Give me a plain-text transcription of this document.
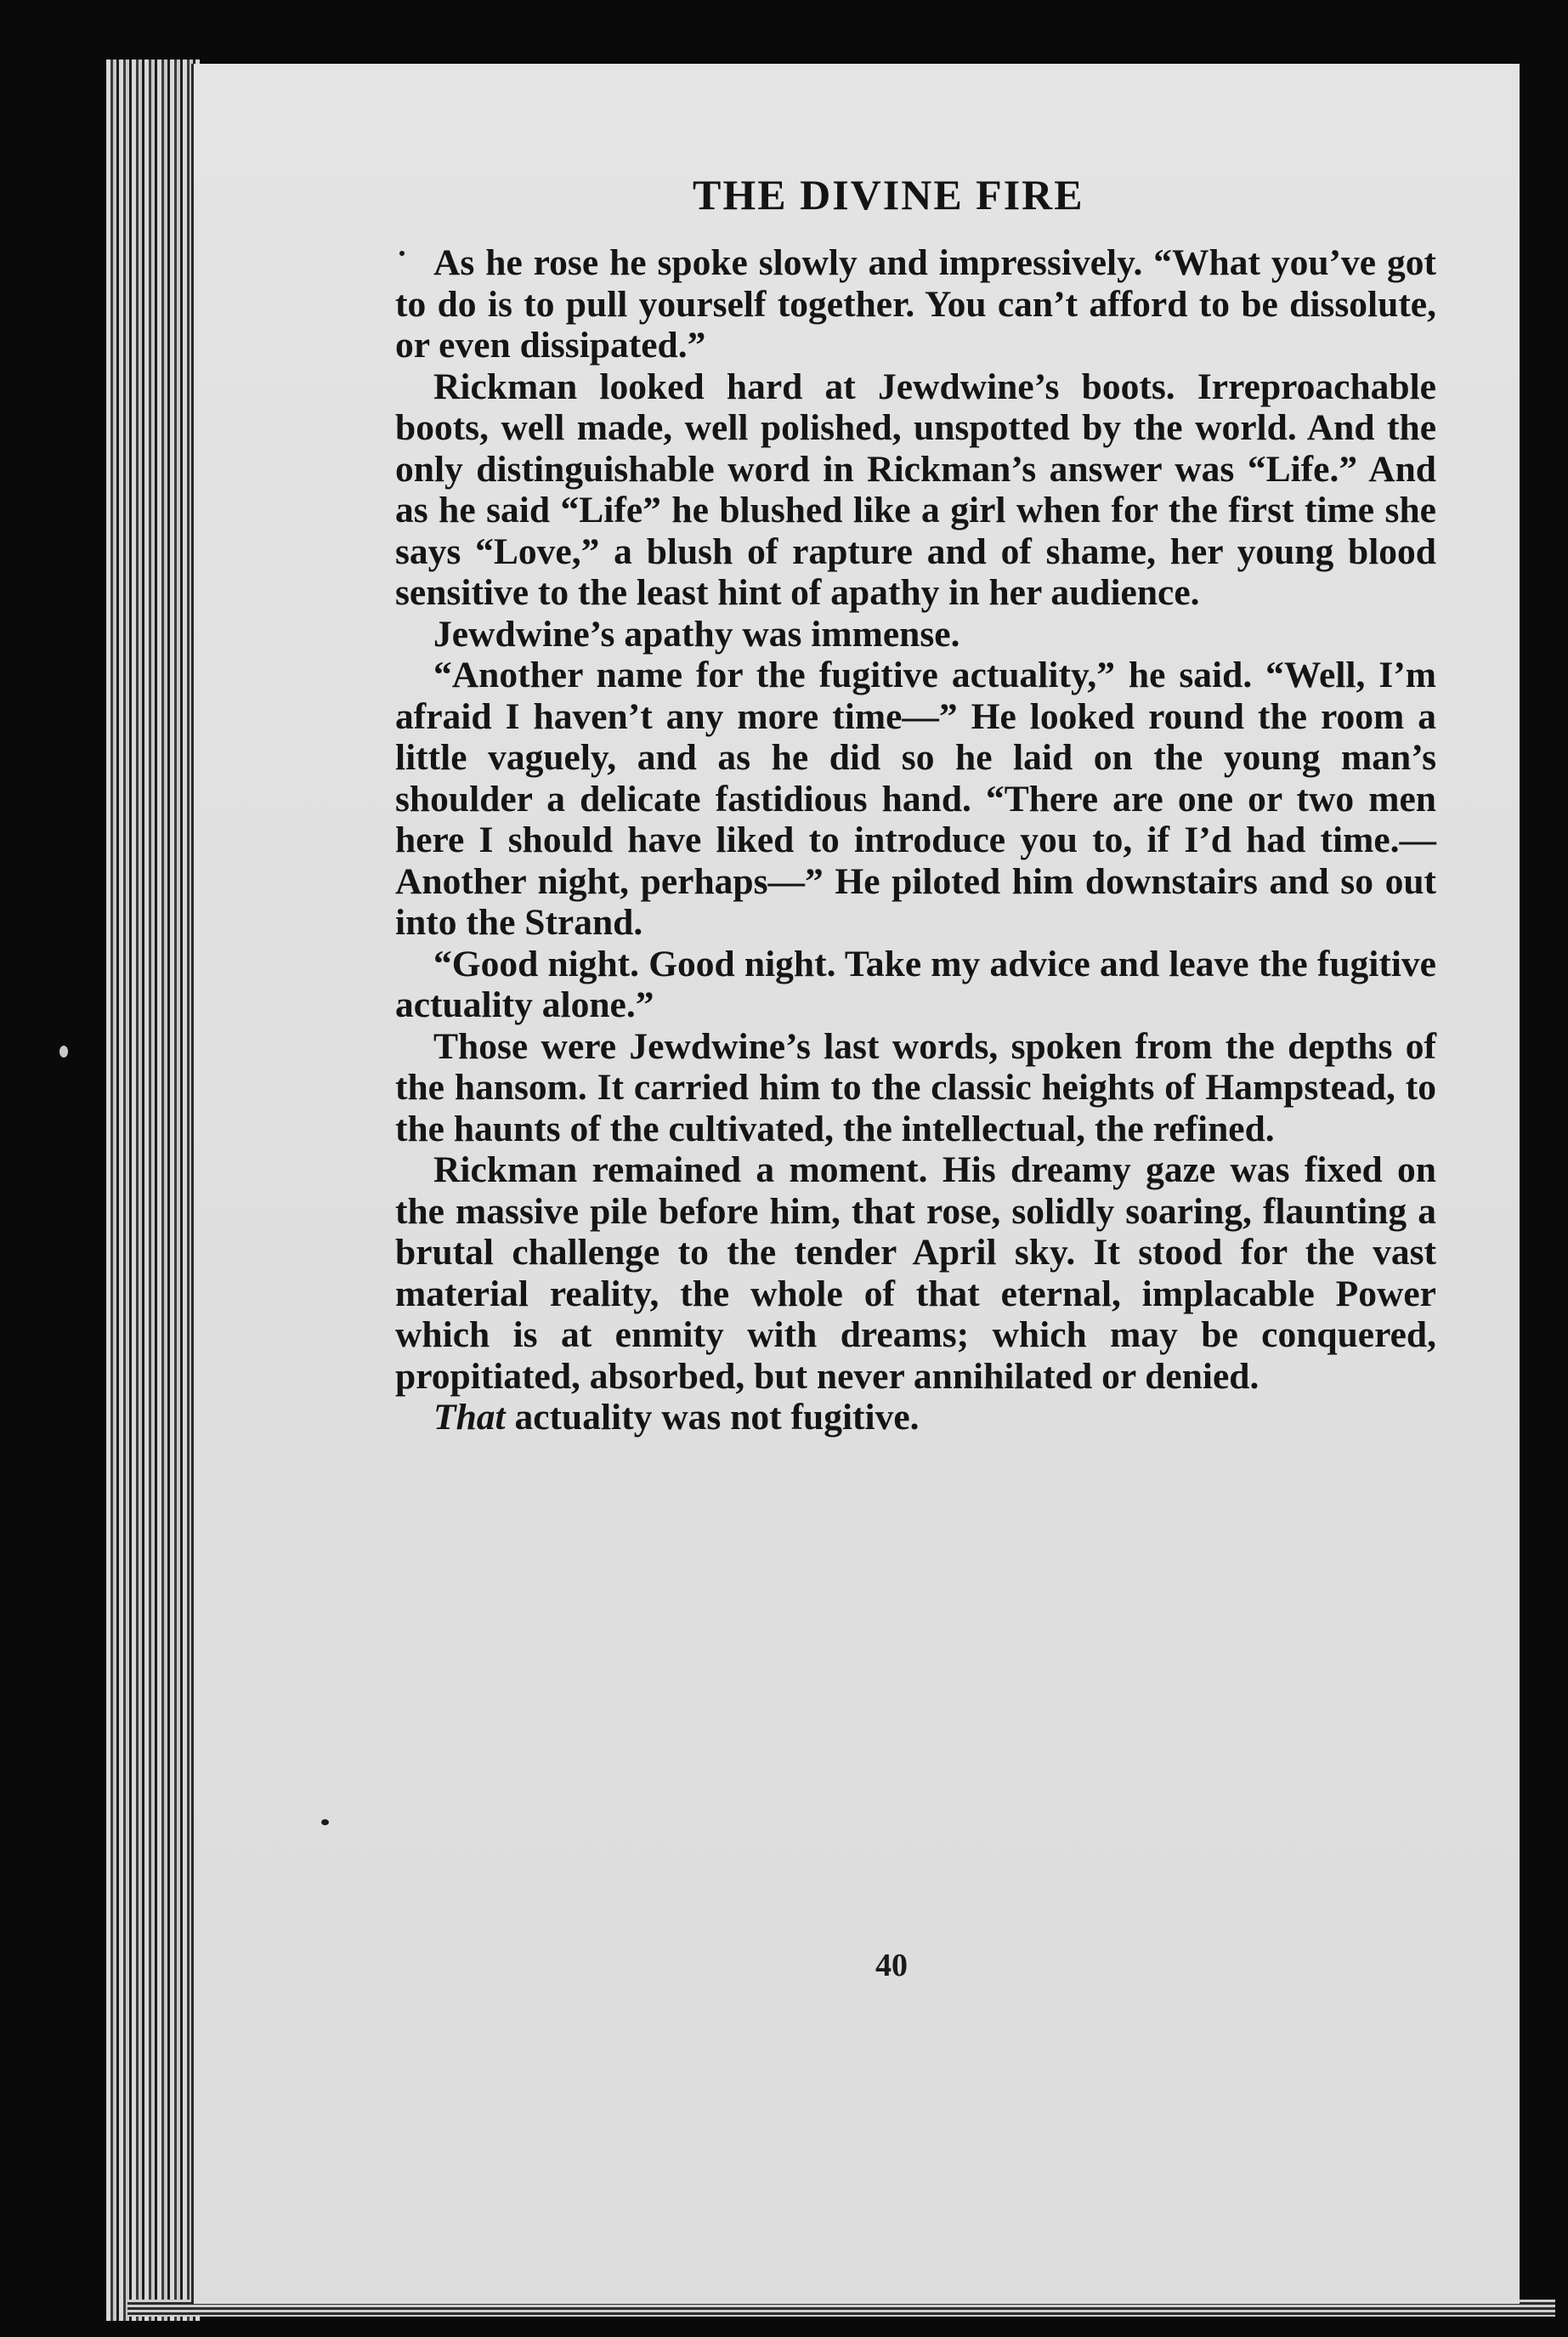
THE DIVINE FIRE

As he rose he spoke slowly and impressively. “What you’ve got to do is to pull yourself together. You can’t afford to be dissolute, or even dissipated.”

Rickman looked hard at Jewdwine’s boots. Irreproachable boots, well made, well polished, unspotted by the world. And the only distinguishable word in Rickman’s answer was “Life.” And as he said “Life” he blushed like a girl when for the first time she says “Love,” a blush of rapture and of shame, her young blood sensitive to the least hint of apathy in her audience.

Jewdwine’s apathy was immense.

“Another name for the fugitive actuality,” he said. “Well, I’m afraid I haven’t any more time—” He looked round the room a little vaguely, and as he did so he laid on the young man’s shoulder a delicate fastidious hand. “There are one or two men here I should have liked to introduce you to, if I’d had time.—Another night, perhaps—” He piloted him downstairs and so out into the Strand.

“Good night. Good night. Take my advice and leave the fugitive actuality alone.”

Those were Jewdwine’s last words, spoken from the depths of the hansom. It carried him to the classic heights of Hampstead, to the haunts of the cultivated, the intellectual, the refined.

Rickman remained a moment. His dreamy gaze was fixed on the massive pile before him, that rose, solidly soaring, flaunting a brutal challenge to the tender April sky. It stood for the vast material reality, the whole of that eternal, implacable Power which is at enmity with dreams; which may be conquered, propitiated, absorbed, but never annihilated or denied.

That actuality was not fugitive.

40
